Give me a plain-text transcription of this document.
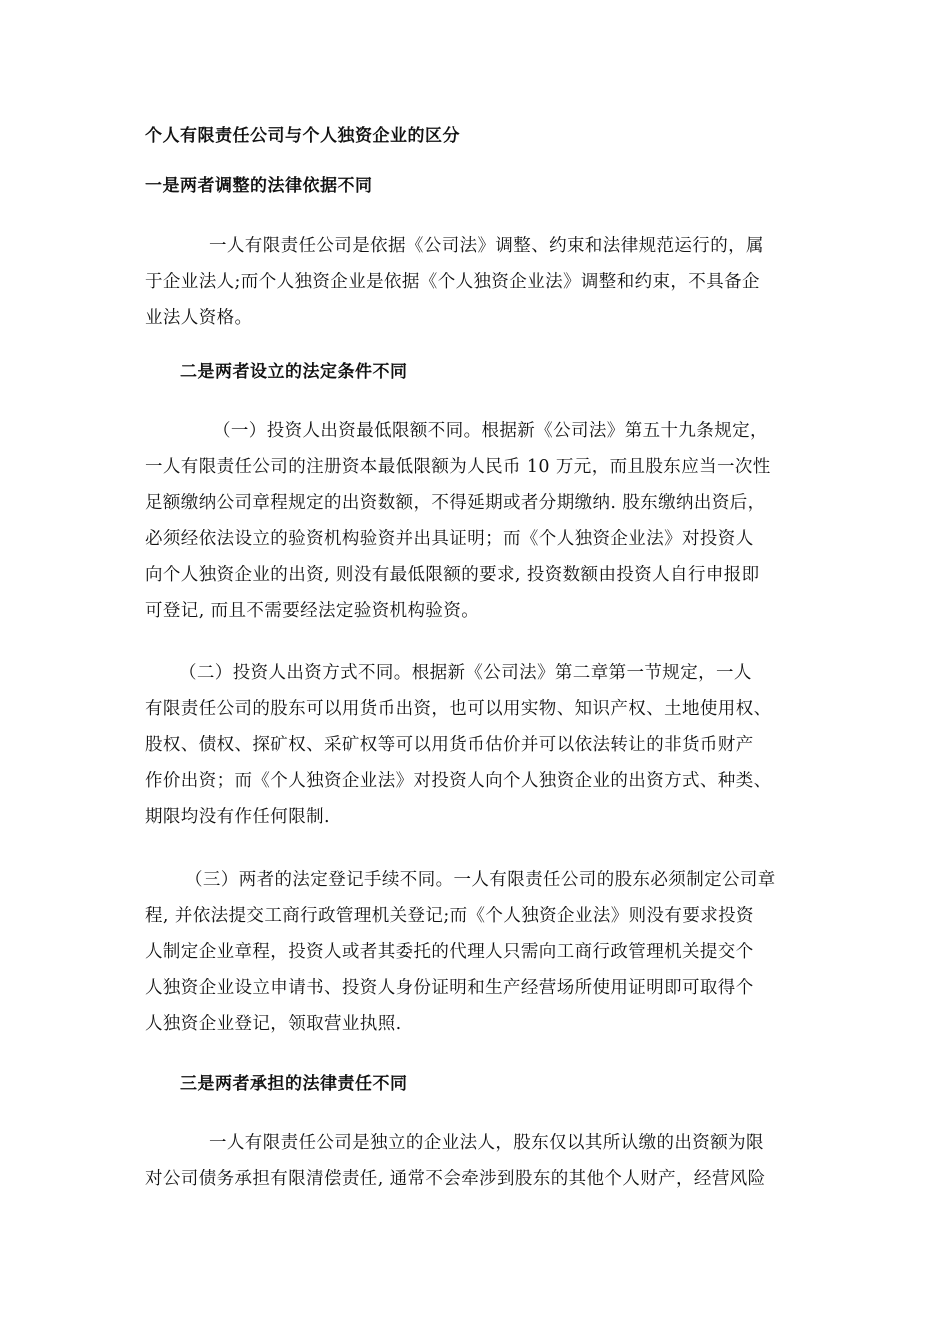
个人有限责任公司与个人独资企业的区分
一是两者调整的法律依据不同
一人有限责任公司是依据《公司法》调整、约束和法律规范运行的，属
于企业法人;而个人独资企业是依据《个人独资企业法》调整和约束，不具备企
业法人资格。
二是两者设立的法定条件不同
（一）投资人出资最低限额不同。根据新《公司法》第五十九条规定，
一人有限责任公司的注册资本最低限额为人民币 10 万元，而且股东应当一次性
足额缴纳公司章程规定的出资数额，不得延期或者分期缴纳. 股东缴纳出资后，
必须经依法设立的验资机构验资并出具证明；而《个人独资企业法》对投资人
向个人独资企业的出资, 则没有最低限额的要求, 投资数额由投资人自行申报即
可登记, 而且不需要经法定验资机构验资。
（二）投资人出资方式不同。根据新《公司法》第二章第一节规定，一人
有限责任公司的股东可以用货币出资，也可以用实物、知识产权、土地使用权、
股权、债权、探矿权、采矿权等可以用货币估价并可以依法转让的非货币财产
作价出资；而《个人独资企业法》对投资人向个人独资企业的出资方式、种类、
期限均没有作任何限制.
（三）两者的法定登记手续不同。一人有限责任公司的股东必须制定公司章
程, 并依法提交工商行政管理机关登记;而《个人独资企业法》则没有要求投资
人制定企业章程，投资人或者其委托的代理人只需向工商行政管理机关提交个
人独资企业设立申请书、投资人身份证明和生产经营场所使用证明即可取得个
人独资企业登记，领取营业执照.
三是两者承担的法律责任不同
一人有限责任公司是独立的企业法人，股东仅以其所认缴的出资额为限
对公司债务承担有限清偿责任, 通常不会牵涉到股东的其他个人财产，经营风险
